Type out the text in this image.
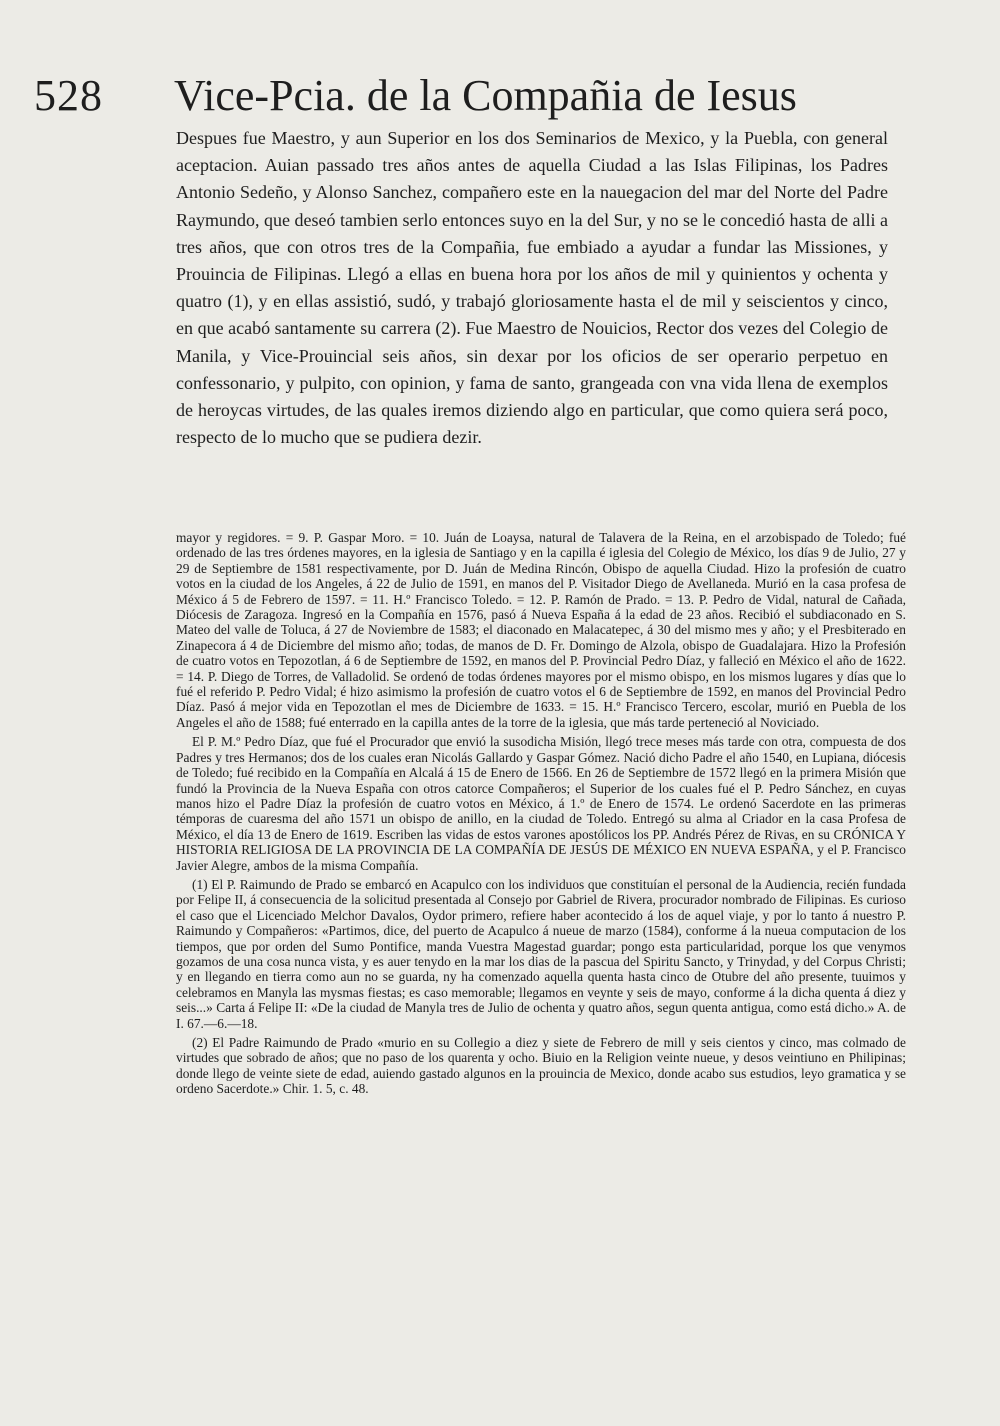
528 Vice-Pcia. de la Compañia de Iesus

Despues fue Maestro, y aun Superior en los dos Seminarios de Mexico, y la Puebla, con general aceptacion. Auian passado tres años antes de aquella Ciudad a las Islas Filipinas, los Padres Antonio Sedeño, y Alonso Sanchez, compañero este en la nauegacion del mar del Norte del Padre Raymundo, que deseó tambien serlo entonces suyo en la del Sur, y no se le concedió hasta de alli a tres años, que con otros tres de la Compañia, fue embiado a ayudar a fundar las Missiones, y Prouincia de Filipinas. Llegó a ellas en buena hora por los años de mil y quinientos y ochenta y quatro (1), y en ellas assistió, sudó, y trabajó gloriosamente hasta el de mil y seiscientos y cinco, en que acabó santamente su carrera (2). Fue Maestro de Nouicios, Rector dos vezes del Colegio de Manila, y Vice-Prouincial seis años, sin dexar por los oficios de ser operario perpetuo en confessonario, y pulpito, con opinion, y fama de santo, grangeada con vna vida llena de exemplos de heroycas virtudes, de las quales iremos diziendo algo en particular, que como quiera será poco, respecto de lo mucho que se pudiera dezir.

mayor y regidores. = 9. P. Gaspar Moro. = 10. Juán de Loaysa, natural de Talavera de la Reina, en el arzobispado de Toledo; fué ordenado de las tres órdenes mayores, en la iglesia de Santiago y en la capilla é iglesia del Colegio de México, los días 9 de Julio, 27 y 29 de Septiembre de 1581 respectivamente, por D. Juán de Medina Rincón, Obispo de aquella Ciudad. Hizo la profesión de cuatro votos en la ciudad de los Angeles, á 22 de Julio de 1591, en manos del P. Visitador Diego de Avellaneda. Murió en la casa profesa de México á 5 de Febrero de 1597. = 11. H.º Francisco Toledo. = 12. P. Ramón de Prado. = 13. P. Pedro de Vidal, natural de Cañada, Diócesis de Zaragoza. Ingresó en la Compañía en 1576, pasó á Nueva España á la edad de 23 años. Recibió el subdiaconado en S. Mateo del valle de Toluca, á 27 de Noviembre de 1583; el diaconado en Malacatepec, á 30 del mismo mes y año; y el Presbiterado en Zinapecora á 4 de Diciembre del mismo año; todas, de manos de D. Fr. Domingo de Alzola, obispo de Guadalajara. Hizo la Profesión de cuatro votos en Tepozotlan, á 6 de Septiembre de 1592, en manos del P. Provincial Pedro Díaz, y falleció en México el año de 1622. = 14. P. Diego de Torres, de Valladolid. Se ordenó de todas órdenes mayores por el mismo obispo, en los mismos lugares y días que lo fué el referido P. Pedro Vidal; é hizo asimismo la profesión de cuatro votos el 6 de Septiembre de 1592, en manos del Provincial Pedro Díaz. Pasó á mejor vida en Tepozotlan el mes de Diciembre de 1633. = 15. H.º Francisco Tercero, escolar, murió en Puebla de los Angeles el año de 1588; fué enterrado en la capilla antes de la torre de la iglesia, que más tarde perteneció al Noviciado.

El P. M.º Pedro Díaz, que fué el Procurador que envió la susodicha Misión, llegó trece meses más tarde con otra, compuesta de dos Padres y tres Hermanos; dos de los cuales eran Nicolás Gallardo y Gaspar Gómez. Nació dicho Padre el año 1540, en Lupiana, diócesis de Toledo; fué recibido en la Compañía en Alcalá á 15 de Enero de 1566. En 26 de Septiembre de 1572 llegó en la primera Misión que fundó la Provincia de la Nueva España con otros catorce Compañeros; el Superior de los cuales fué el P. Pedro Sánchez, en cuyas manos hizo el Padre Díaz la profesión de cuatro votos en México, á 1.º de Enero de 1574. Le ordenó Sacerdote en las primeras témporas de cuaresma del año 1571 un obispo de anillo, en la ciudad de Toledo. Entregó su alma al Criador en la casa Profesa de México, el día 13 de Enero de 1619. Escriben las vidas de estos varones apostólicos los PP. Andrés Pérez de Rivas, en su CRÓNICA Y HISTORIA RELIGIOSA DE LA PROVINCIA DE LA COMPAÑÍA DE JESÚS DE MÉXICO EN NUEVA ESPAÑA, y el P. Francisco Javier Alegre, ambos de la misma Compañía.

(1) El P. Raimundo de Prado se embarcó en Acapulco con los individuos que constituían el personal de la Audiencia, recién fundada por Felipe II, á consecuencia de la solicitud presentada al Consejo por Gabriel de Rivera, procurador nombrado de Filipinas. Es curioso el caso que el Licenciado Melchor Davalos, Oydor primero, refiere haber acontecido á los de aquel viaje, y por lo tanto á nuestro P. Raimundo y Compañeros: «Partimos, dice, del puerto de Acapulco á nueue de marzo (1584), conforme á la nueua computacion de los tiempos, que por orden del Sumo Pontifice, manda Vuestra Magestad guardar; pongo esta particularidad, porque los que venymos gozamos de una cosa nunca vista, y es auer tenydo en la mar los dias de la pascua del Spiritu Sancto, y Trinydad, y del Corpus Christi; y en llegando en tierra como aun no se guarda, ny ha comenzado aquella quenta hasta cinco de Otubre del año presente, tuuimos y celebramos en Manyla las mysmas fiestas; es caso memorable; llegamos en veynte y seis de mayo, conforme á la dicha quenta á diez y seis...» Carta á Felipe II: «De la ciudad de Manyla tres de Julio de ochenta y quatro años, segun quenta antigua, como está dicho.» A. de I. 67.—6.—18.

(2) El Padre Raimundo de Prado «murio en su Collegio a diez y siete de Febrero de mill y seis cientos y cinco, mas colmado de virtudes que sobrado de años; que no paso de los quarenta y ocho. Biuio en la Religion veinte nueue, y desos veintiuno en Philipinas; donde llego de veinte siete de edad, auiendo gastado algunos en la prouincia de Mexico, donde acabo sus estudios, leyo gramatica y se ordeno Sacerdote.» Chir. 1. 5, c. 48.
